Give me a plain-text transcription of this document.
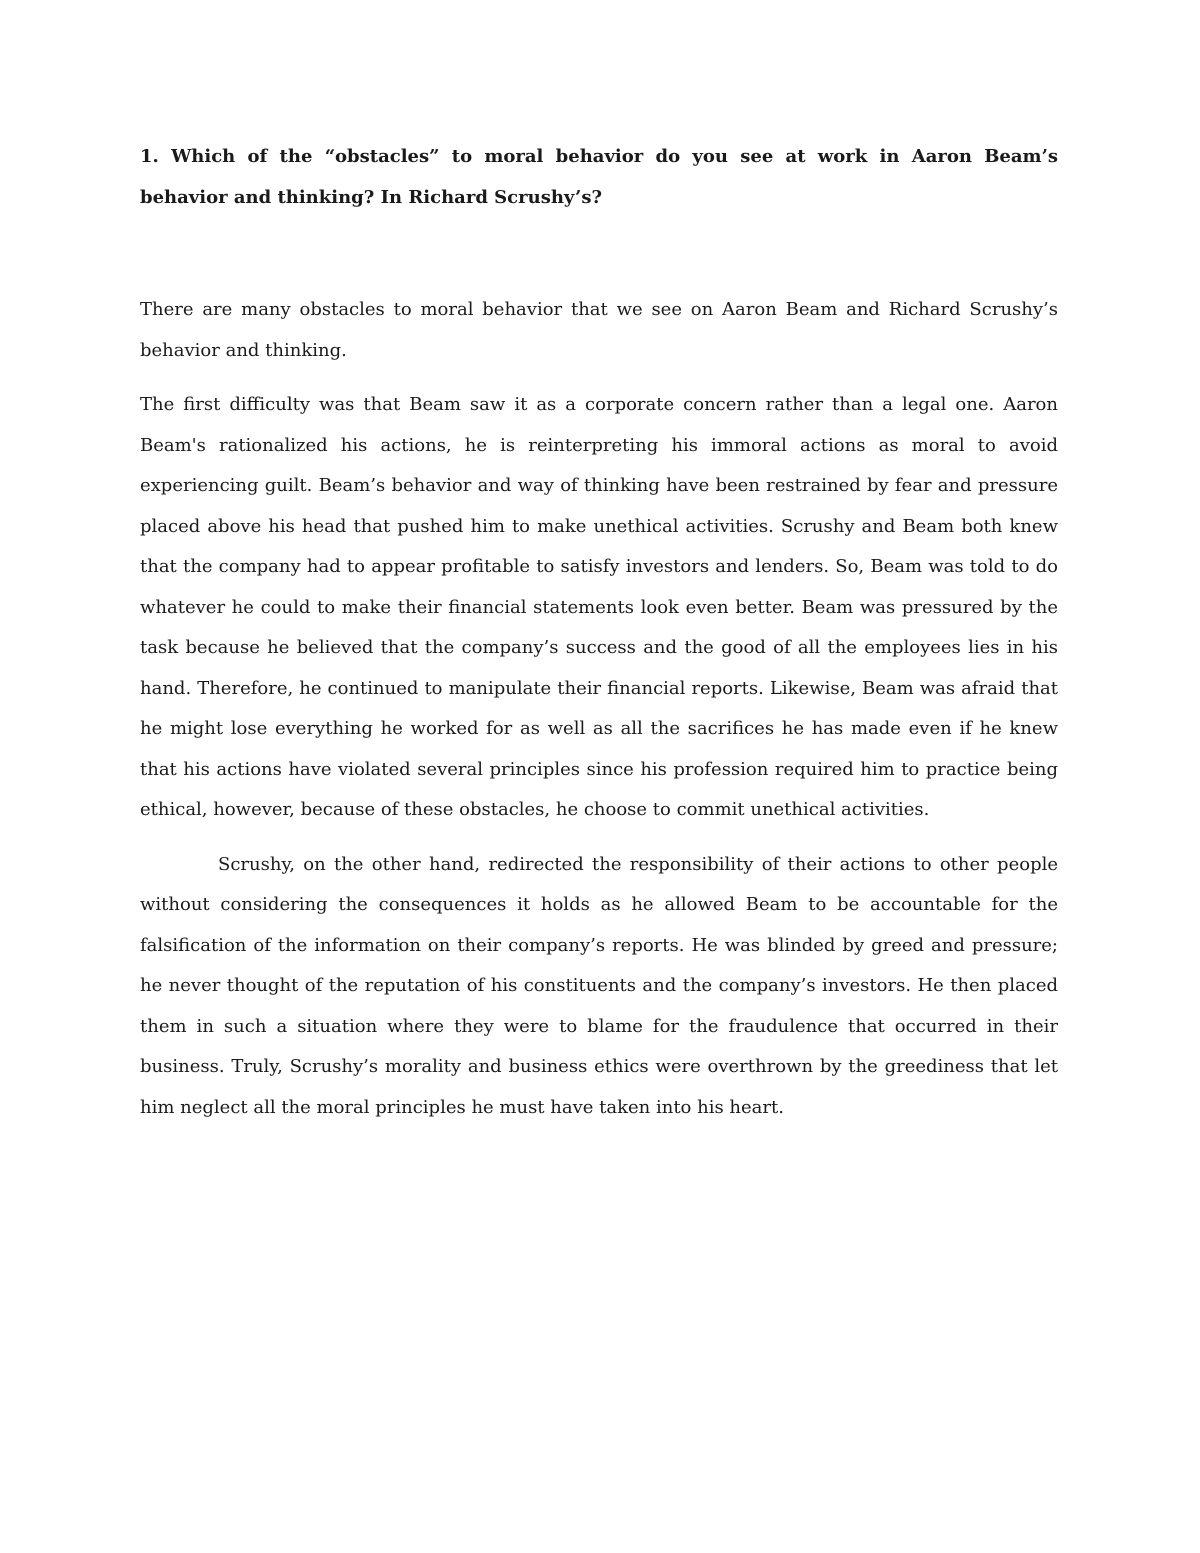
1. Which of the “obstacles” to moral behavior do you see at work in Aaron Beam’s behavior and thinking? In Richard Scrushy’s?

There are many obstacles to moral behavior that we see on Aaron Beam and Richard Scrushy’s behavior and thinking.

The first difficulty was that Beam saw it as a corporate concern rather than a legal one. Aaron Beam's rationalized his actions, he is reinterpreting his immoral actions as moral to avoid experiencing guilt. Beam’s behavior and way of thinking have been restrained by fear and pressure placed above his head that pushed him to make unethical activities. Scrushy and Beam both knew that the company had to appear profitable to satisfy investors and lenders. So, Beam was told to do whatever he could to make their financial statements look even better. Beam was pressured by the task because he believed that the company’s success and the good of all the employees lies in his hand. Therefore, he continued to manipulate their financial reports. Likewise, Beam was afraid that he might lose everything he worked for as well as all the sacrifices he has made even if he knew that his actions have violated several principles since his profession required him to practice being ethical, however, because of these obstacles, he choose to commit unethical activities.

Scrushy, on the other hand, redirected the responsibility of their actions to other people without considering the consequences it holds as he allowed Beam to be accountable for the falsification of the information on their company’s reports. He was blinded by greed and pressure; he never thought of the reputation of his constituents and the company’s investors. He then placed them in such a situation where they were to blame for the fraudulence that occurred in their business. Truly, Scrushy’s morality and business ethics were overthrown by the greediness that let him neglect all the moral principles he must have taken into his heart.
